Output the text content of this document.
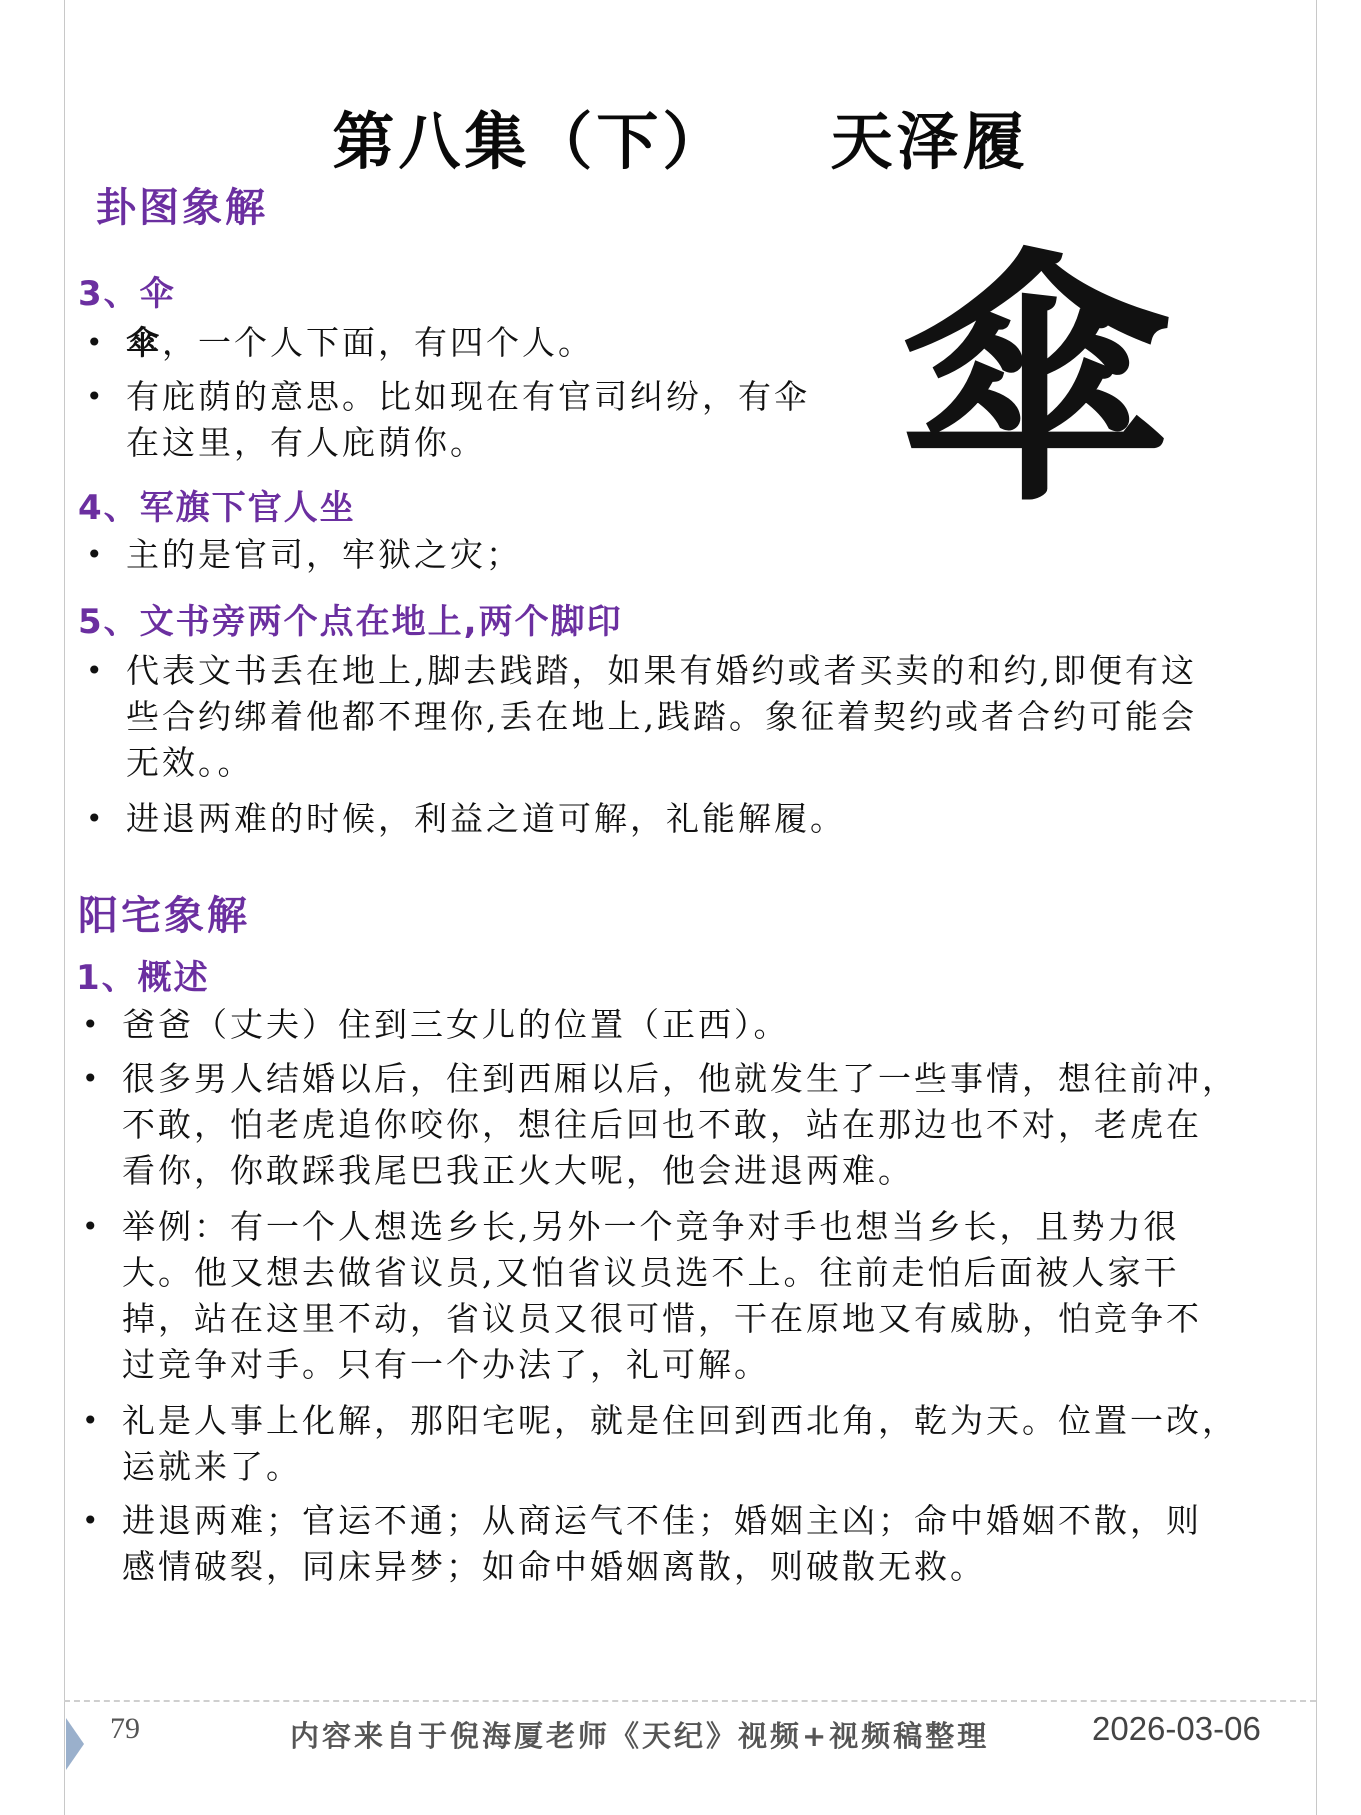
第八集（下）    天泽履
卦图象解
3、伞
• 傘，一个人下面，有四个人。
• 有庇荫的意思。比如现在有官司纠纷，有伞
在这里，有人庇荫你。	傘
4、军旗下官人坐
• 主的是官司，牢狱之灾；
5、文书旁两个点在地上,两个脚印
• 代表文书丢在地上,脚去践踏，如果有婚约或者买卖的和约,即便有这
些合约绑着他都不理你,丢在地上,践踏。象征着契约或者合约可能会
无效。。
• 进退两难的时候，利益之道可解，礼能解履。
阳宅象解
1、概述
• 爸爸（丈夫）住到三女儿的位置（正西）。
• 很多男人结婚以后，住到西厢以后，他就发生了一些事情，想往前冲，
不敢，怕老虎追你咬你，想往后回也不敢，站在那边也不对，老虎在
看你，你敢踩我尾巴我正火大呢，他会进退两难。
• 举例：有一个人想选乡长,另外一个竞争对手也想当乡长，且势力很
大。他又想去做省议员,又怕省议员选不上。往前走怕后面被人家干
掉，站在这里不动，省议员又很可惜，干在原地又有威胁，怕竞争不
过竞争对手。只有一个办法了，礼可解。
• 礼是人事上化解，那阳宅呢，就是住回到西北角，乾为天。位置一改，
运就来了。
• 进退两难；官运不通；从商运气不佳；婚姻主凶；命中婚姻不散，则
感情破裂，同床异梦；如命中婚姻离散，则破散无救。
79	内容来自于倪海厦老师《天纪》视频+视频稿整理	2026-03-06
